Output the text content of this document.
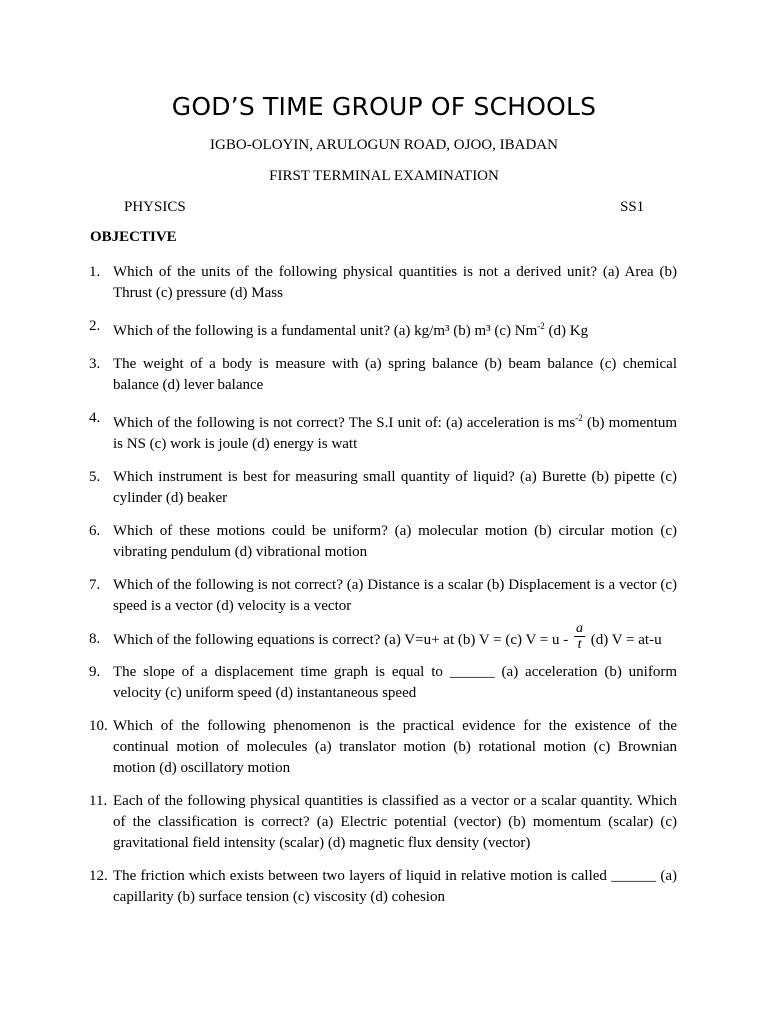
GOD’S TIME GROUP OF SCHOOLS
IGBO-OLOYIN, ARULOGUN ROAD, OJOO, IBADAN
FIRST TERMINAL EXAMINATION
PHYSICS	SS1
OBJECTIVE
1. Which of the units of the following physical quantities is not a derived unit? (a) Area (b) Thrust (c) pressure (d) Mass
2. Which of the following is a fundamental unit? (a) kg/m³ (b) m³ (c) $Nm^{-2}$ (d) Kg
3. The weight of a body is measure with (a) spring balance (b) beam balance (c) chemical balance (d) lever balance
4. Which of the following is not correct? The S.I unit of: (a) acceleration is $ms^{-2}$ (b) momentum is NS (c) work is joule (d) energy is watt
5. Which instrument is best for measuring small quantity of liquid? (a) Burette (b) pipette (c) cylinder (d) beaker
6. Which of these motions could be uniform? (a) molecular motion (b) circular motion (c) vibrating pendulum (d) vibrational motion
7. Which of the following is not correct? (a) Distance is a scalar (b) Displacement is a vector (c) speed is a vector (d) velocity is a vector
8. Which of the following equations is correct? (a) V=u+ at (b) V = (c) $V = u - \frac{a}{t} (d) V = at-u$
9. The slope of a displacement time graph is equal to ______ (a) acceleration (b) uniform velocity (c) uniform speed (d) instantaneous speed
10. Which of the following phenomenon is the practical evidence for the existence of the continual motion of molecules (a) translator motion (b) rotational motion (c) Brownian motion (d) oscillatory motion
11. Each of the following physical quantities is classified as a vector or a scalar quantity. Which of the classification is correct? (a) Electric potential (vector) (b) momentum (scalar) (c) gravitational field intensity (scalar) (d) magnetic flux density (vector)
12. The friction which exists between two layers of liquid in relative motion is called ______ (a) capillarity (b) surface tension (c) viscosity (d) cohesion
